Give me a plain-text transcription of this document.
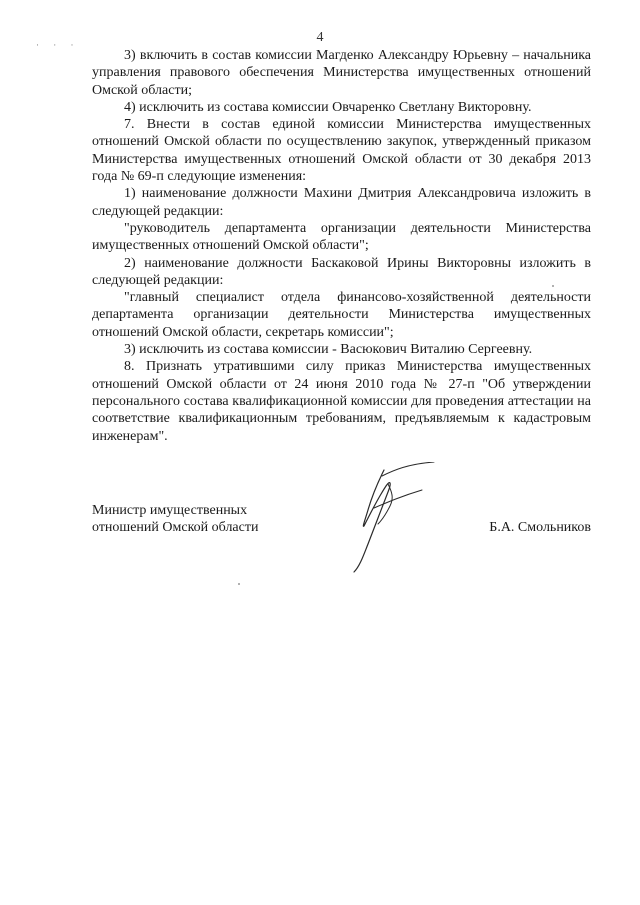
4
· · ·

3) включить в состав комиссии Магденко Александру Юрьевну – начальника управления правового обеспечения Министерства имущественных отношений Омской области;

4) исключить из состава комиссии Овчаренко Светлану Викторовну.

7. Внести в состав единой комиссии Министерства имущественных отношений Омской области по осуществлению закупок, утвержденный приказом Министерства имущественных отношений Омской области от 30 декабря 2013 года № 69-п следующие изменения:

1) наименование должности Махини Дмитрия Александровича изложить в следующей редакции:

"руководитель департамента организации деятельности Министерства имущественных отношений Омской области";

2) наименование должности Баскаковой Ирины Викторовны изложить в следующей редакции:

"главный специалист отдела финансово-хозяйственной деятельности департамента организации деятельности Министерства имущественных отношений Омской области, секретарь комиссии";

3) исключить из состава комиссии - Васюкович Виталию Сергеевну.

8. Признать утратившими силу приказ Министерства имущественных отношений Омской области от 24 июня 2010 года № 27-п "Об утверждении персонального состава квалификационной комиссии для проведения аттестации на соответствие квалификационным требованиям, предъявляемым к кадастровым инженерам".

Министр имущественных
отношений Омской области	Б.А. Смольников
